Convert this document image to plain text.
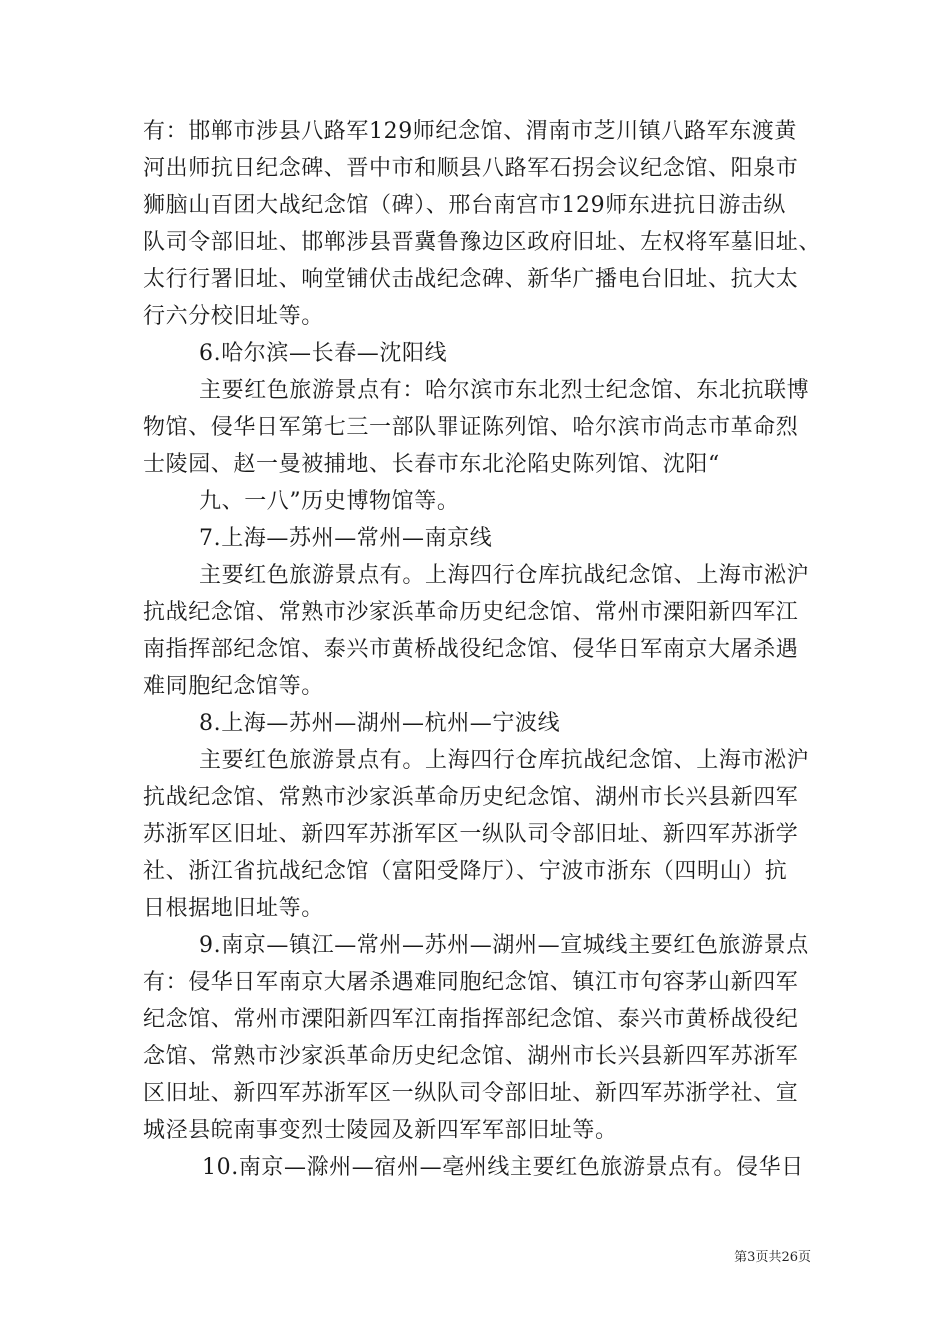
有：邯郸市涉县八路军129师纪念馆、渭南市芝川镇八路军东渡黄
河出师抗日纪念碑、晋中市和顺县八路军石拐会议纪念馆、阳泉市
狮脑山百团大战纪念馆（碑）、邢台南宫市129师东进抗日游击纵
队司令部旧址、邯郸涉县晋冀鲁豫边区政府旧址、左权将军墓旧址、
太行行署旧址、响堂铺伏击战纪念碑、新华广播电台旧址、抗大太
行六分校旧址等。
6.哈尔滨—长春—沈阳线
主要红色旅游景点有：哈尔滨市东北烈士纪念馆、东北抗联博
物馆、侵华日军第七三一部队罪证陈列馆、哈尔滨市尚志市革命烈
士陵园、赵一曼被捕地、长春市东北沦陷史陈列馆、沈阳“
九、一八”历史博物馆等。
7.上海—苏州—常州—南京线
主要红色旅游景点有。上海四行仓库抗战纪念馆、上海市淞沪
抗战纪念馆、常熟市沙家浜革命历史纪念馆、常州市溧阳新四军江
南指挥部纪念馆、泰兴市黄桥战役纪念馆、侵华日军南京大屠杀遇
难同胞纪念馆等。
8.上海—苏州—湖州—杭州—宁波线
主要红色旅游景点有。上海四行仓库抗战纪念馆、上海市淞沪
抗战纪念馆、常熟市沙家浜革命历史纪念馆、湖州市长兴县新四军
苏浙军区旧址、新四军苏浙军区一纵队司令部旧址、新四军苏浙学
社、浙江省抗战纪念馆（富阳受降厅）、宁波市浙东（四明山）抗
日根据地旧址等。
9.南京—镇江—常州—苏州—湖州—宣城线主要红色旅游景点
有：侵华日军南京大屠杀遇难同胞纪念馆、镇江市句容茅山新四军
纪念馆、常州市溧阳新四军江南指挥部纪念馆、泰兴市黄桥战役纪
念馆、常熟市沙家浜革命历史纪念馆、湖州市长兴县新四军苏浙军
区旧址、新四军苏浙军区一纵队司令部旧址、新四军苏浙学社、宣
城泾县皖南事变烈士陵园及新四军军部旧址等。
10.南京—滁州—宿州—亳州线主要红色旅游景点有。侵华日
第3页共26页
